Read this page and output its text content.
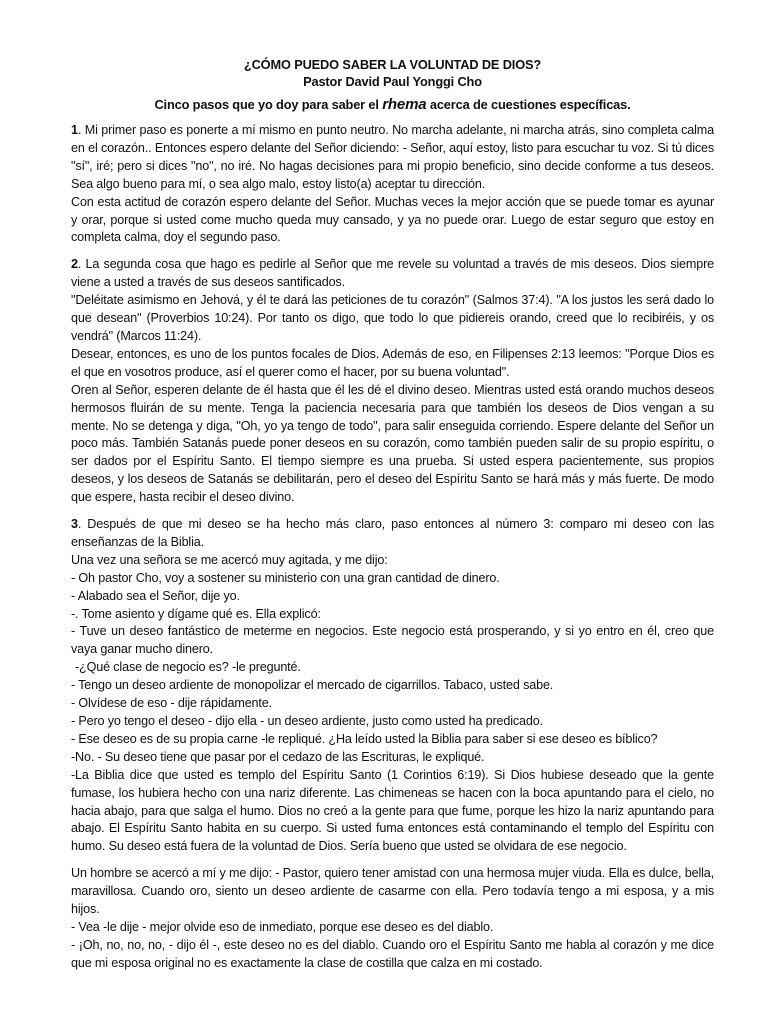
¿CÓMO PUEDO SABER LA VOLUNTAD DE DIOS?

Pastor David Paul Yonggi Cho

Cinco pasos que yo doy para saber el rhema acerca de cuestiones específicas.

1. Mi primer paso es ponerte a mí mismo en punto neutro. No marcha adelante, ni marcha atrás, sino completa calma en el corazón.. Entonces espero delante del Señor diciendo: - Señor, aquí estoy, listo para escuchar tu voz. Si tú dices "sí", iré; pero si dices "no", no iré. No hagas decisiones para mi propio beneficio, sino decide conforme a tus deseos. Sea algo bueno para mí, o sea algo malo, estoy listo(a) aceptar tu dirección.
Con esta actitud de corazón espero delante del Señor. Muchas veces la mejor acción que se puede tomar es ayunar y orar, porque si usted come mucho queda muy cansado, y ya no puede orar. Luego de estar seguro que estoy en completa calma, doy el segundo paso.
2. La segunda cosa que hago es pedirle al Señor que me revele su voluntad a través de mis deseos. Dios siempre viene a usted a través de sus deseos santificados.
"Deléitate asimismo en Jehová, y él te dará las peticiones de tu corazón" (Salmos 37:4). "A los justos les será dado lo que desean" (Proverbios 10:24). Por tanto os digo, que todo lo que pidiereis orando, creed que lo recibiréis, y os vendrá" (Marcos 11:24).
Desear, entonces, es uno de los puntos focales de Dios. Además de eso, en Filipenses 2:13 leemos: "Porque Dios es el que en vosotros produce, así el querer como el hacer, por su buena voluntad".
Oren al Señor, esperen delante de él hasta que él les dé el divino deseo. Mientras usted está orando muchos deseos hermosos fluirán de su mente. Tenga la paciencia necesaria para que también los deseos de Dios vengan a su mente. No se detenga y diga, "Oh, yo ya tengo de todo", para salir enseguida corriendo. Espere delante del Señor un poco más. También Satanás puede poner deseos en su corazón, como también pueden salir de su propio espíritu, o ser dados por el Espíritu Santo. El tiempo siempre es una prueba. Si usted espera pacientemente, sus propios deseos, y los deseos de Satanás se debilitarán, pero el deseo del Espíritu Santo se hará más y más fuerte. De modo que espere, hasta recibir el deseo divino.
3. Después de que mi deseo se ha hecho más claro, paso entonces al número 3: comparo mi deseo con las enseñanzas de la Biblia.
Una vez una señora se me acercó muy agitada, y me dijo:
- Oh pastor Cho, voy a sostener su ministerio con una gran cantidad de dinero.
- Alabado sea el Señor, dije yo.
-. Tome asiento y dígame qué es. Ella explicó:
- Tuve un deseo fantástico de meterme en negocios. Este negocio está prosperando, y si yo entro en él, creo que vaya ganar mucho dinero.
-¿Qué clase de negocio es? -le pregunté.
- Tengo un deseo ardiente de monopolizar el mercado de cigarrillos. Tabaco, usted sabe.
- Olvídese de eso - dije rápidamente.
- Pero yo tengo el deseo - dijo ella - un deseo ardiente, justo como usted ha predicado.
- Ese deseo es de su propia carne -le repliqué. ¿Ha leído usted la Biblia para saber si ese deseo es bíblico?
-No. - Su deseo tiene que pasar por el cedazo de las Escrituras, le expliqué.
-La Biblia dice que usted es templo del Espíritu Santo (1 Corintios 6:19). Si Dios hubiese deseado que la gente fumase, los hubiera hecho con una nariz diferente. Las chimeneas se hacen con la boca apuntando para el cielo, no hacia abajo, para que salga el humo. Dios no creó a la gente para que fume, porque les hizo la nariz apuntando para abajo. El Espíritu Santo habita en su cuerpo. Si usted fuma entonces está contaminando el templo del Espíritu con humo. Su deseo está fuera de la voluntad de Dios. Sería bueno que usted se olvidara de ese negocio.
Un hombre se acercó a mí y me dijo: - Pastor, quiero tener amistad con una hermosa mujer viuda. Ella es dulce, bella, maravillosa. Cuando oro, siento un deseo ardiente de casarme con ella. Pero todavía tengo a mi esposa, y a mis hijos.
- Vea -le dije - mejor olvide eso de inmediato, porque ese deseo es del diablo.
- ¡Oh, no, no, no, - dijo él -, este deseo no es del diablo. Cuando oro el Espíritu Santo me habla al corazón y me dice que mi esposa original no es exactamente la clase de costilla que calza en mi costado.
